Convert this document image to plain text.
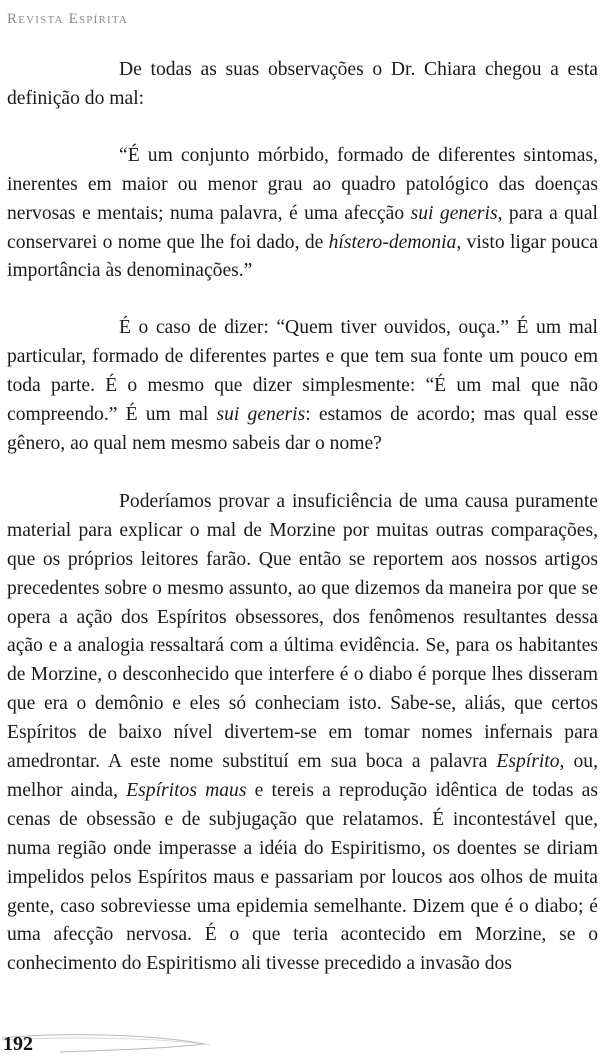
Revista Espírita

De todas as suas observações o Dr. Chiara chegou a esta definição do mal:

“É um conjunto mórbido, formado de diferentes sintomas, inerentes em maior ou menor grau ao quadro patológico das doenças nervosas e mentais; numa palavra, é uma afecção sui generis, para a qual conservarei o nome que lhe foi dado, de hístero-demonia, visto ligar pouca importância às denominações.”

É o caso de dizer: “Quem tiver ouvidos, ouça.” É um mal particular, formado de diferentes partes e que tem sua fonte um pouco em toda parte. É o mesmo que dizer simplesmente: “É um mal que não compreendo.” É um mal sui generis: estamos de acordo; mas qual esse gênero, ao qual nem mesmo sabeis dar o nome?

Poderíamos provar a insuficiência de uma causa puramente material para explicar o mal de Morzine por muitas outras comparações, que os próprios leitores farão. Que então se reportem aos nossos artigos precedentes sobre o mesmo assunto, ao que dizemos da maneira por que se opera a ação dos Espíritos obsessores, dos fenômenos resultantes dessa ação e a analogia ressaltará com a última evidência. Se, para os habitantes de Morzine, o desconhecido que interfere é o diabo é porque lhes disseram que era o demônio e eles só conheciam isto. Sabe-se, aliás, que certos Espíritos de baixo nível divertem-se em tomar nomes infernais para amedrontar. A este nome substituí em sua boca a palavra Espírito, ou, melhor ainda, Espíritos maus e tereis a reprodução idêntica de todas as cenas de obsessão e de subjugação que relatamos. É incontestável que, numa região onde imperasse a idéia do Espiritismo, os doentes se diriam impelidos pelos Espíritos maus e passariam por loucos aos olhos de muita gente, caso sobreviesse uma epidemia semelhante. Dizem que é o diabo; é uma afecção nervosa. É o que teria acontecido em Morzine, se o conhecimento do Espiritismo ali tivesse precedido a invasão dos

192
